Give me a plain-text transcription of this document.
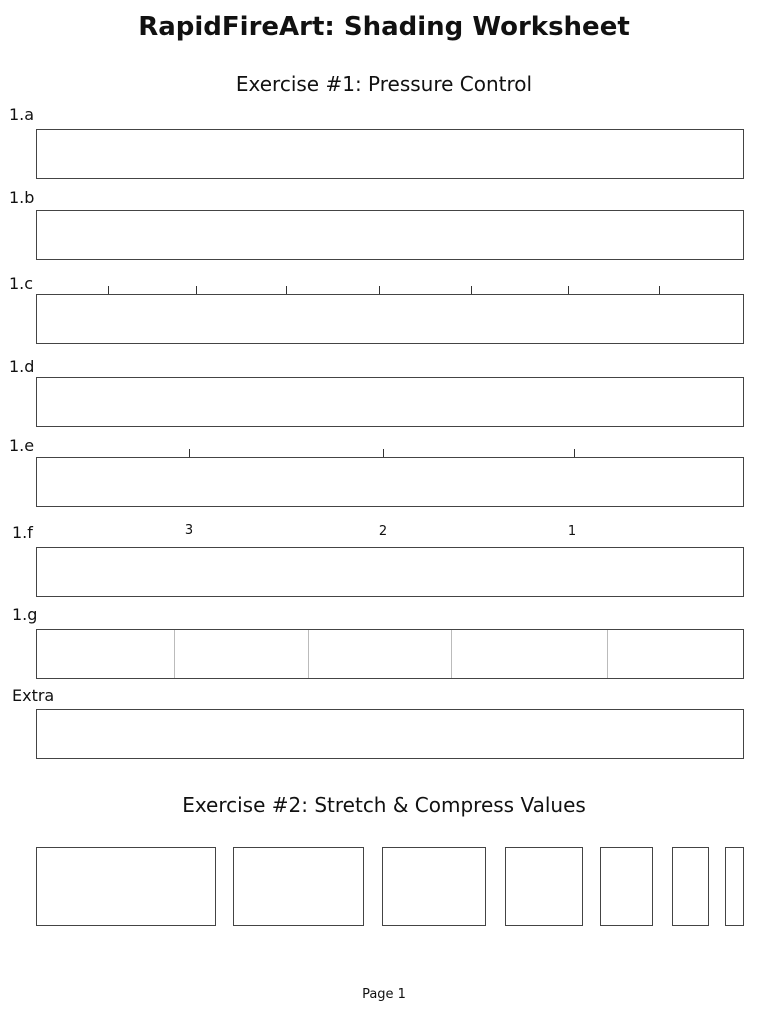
RapidFireArt: Shading Worksheet
Exercise #1: Pressure Control
1.a
1.b
1.c
1.d
1.e
1.f	3	2	1
1.g
Extra
Exercise #2: Stretch & Compress Values
Page 1
